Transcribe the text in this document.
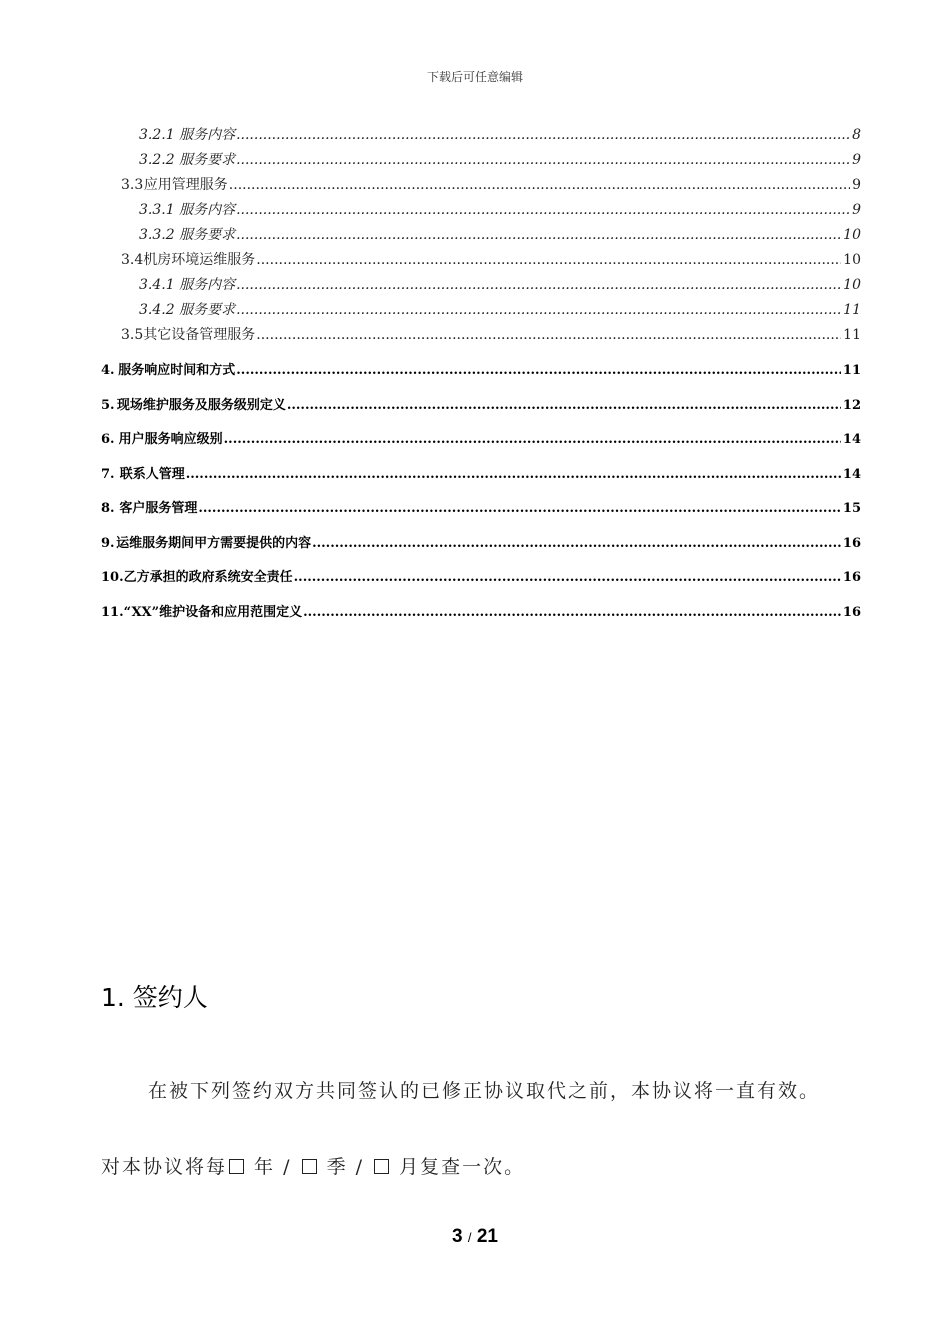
下载后可任意编辑
3.2.1 服务内容 .....	8
3.2.2 服务要求 .....	9
3.3 应用管理服务 .....	9
3.3.1 服务内容 .....	9
3.3.2 服务要求 .....	10
3.4 机房环境运维服务 .....	10
3.4.1 服务内容 .....	10
3.4.2 服务要求 .....	11
3.5 其它设备管理服务 .....	11
4. 服务响应时间和方式 .....	11
5. 现场维护服务及服务级别定义 .....	12
6. 用户服务响应级别 .....	14
7. 联系人管理 .....	14
8. 客户服务管理 .....	15
9. 运维服务期间甲方需要提供的内容 .....	16
10. 乙方承担的政府系统安全责任 .....	16
11. “XX”维护设备和应用范围定义 .....	16
1. 签约人
在被下列签约双方共同签认的已修正协议取代之前，本协议将一直有效。
对本协议将每 年 /  季 /  月复查一次。
3 / 21
